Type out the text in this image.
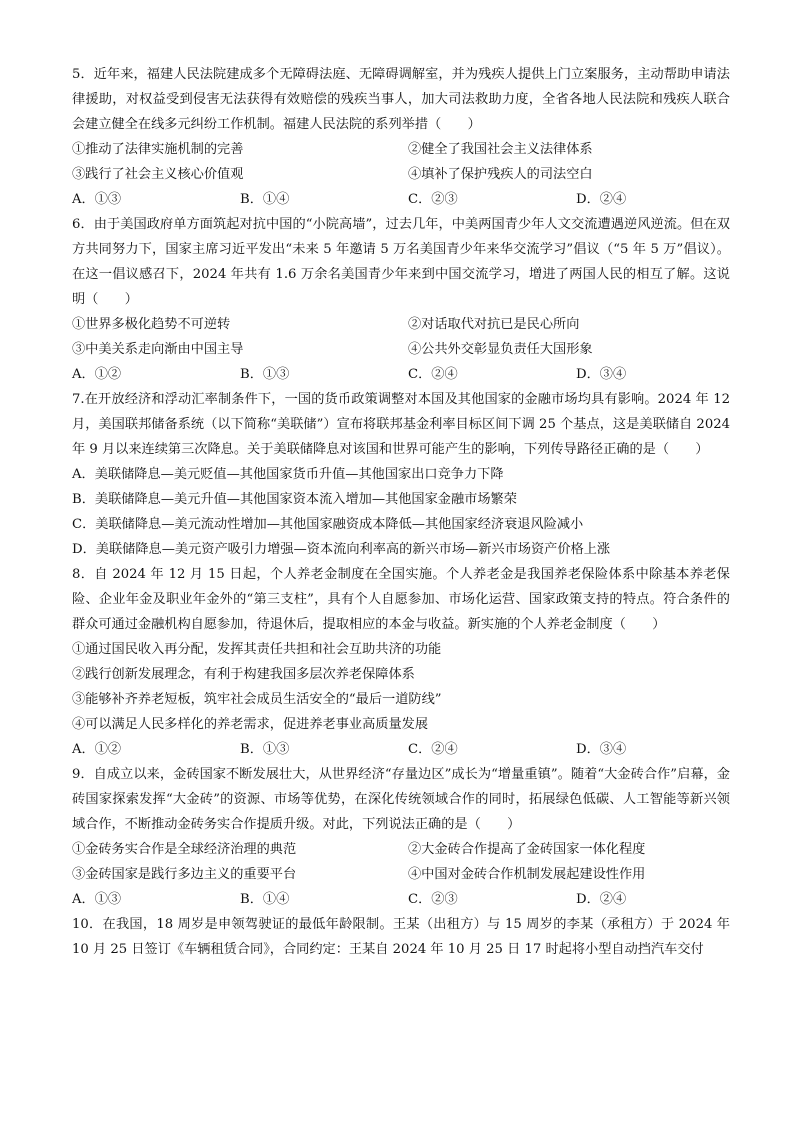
5．近年来，福建人民法院建成多个无障碍法庭、无障碍调解室，并为残疾人提供上门立案服务，主动帮助申请法律援助，对权益受到侵害无法获得有效赔偿的残疾当事人，加大司法救助力度，全省各地人民法院和残疾人联合会建立健全在线多元纠纷工作机制。福建人民法院的系列举措（　　）

①推动了法律实施机制的完善	②健全了我国社会主义法律体系
③践行了社会主义核心价值观	④填补了保护残疾人的司法空白
A．①③	B．①④	C．②③	D．②④

6．由于美国政府单方面筑起对抗中国的“小院高墙”，过去几年，中美两国青少年人文交流遭遇逆风逆流。但在双方共同努力下，国家主席习近平发出“未来 5 年邀请 5 万名美国青少年来华交流学习”倡议（“5 年 5 万”倡议）。在这一倡议感召下，2024 年共有 1.6 万余名美国青少年来到中国交流学习，增进了两国人民的相互了解。这说明（　　）

①世界多极化趋势不可逆转	②对话取代对抗已是民心所向
③中美关系走向渐由中国主导	④公共外交彰显负责任大国形象
A．①②	B．①③	C．②④	D．③④

7.在开放经济和浮动汇率制条件下，一国的货币政策调整对本国及其他国家的金融市场均具有影响。2024 年 12 月，美国联邦储备系统（以下简称“美联储”）宣布将联邦基金利率目标区间下调 25 个基点，这是美联储自 2024 年 9 月以来连续第三次降息。关于美联储降息对该国和世界可能产生的影响，下列传导路径正确的是（　　）

A．美联储降息—美元贬值—其他国家货币升值—其他国家出口竞争力下降
B．美联储降息—美元升值—其他国家资本流入增加—其他国家金融市场繁荣
C．美联储降息—美元流动性增加—其他国家融资成本降低—其他国家经济衰退风险减小
D．美联储降息—美元资产吸引力增强—资本流向利率高的新兴市场—新兴市场资产价格上涨

8．自 2024 年 12 月 15 日起，个人养老金制度在全国实施。个人养老金是我国养老保险体系中除基本养老保险、企业年金及职业年金外的“第三支柱”，具有个人自愿参加、市场化运营、国家政策支持的特点。符合条件的群众可通过金融机构自愿参加，待退休后，提取相应的本金与收益。新实施的个人养老金制度（　　）

①通过国民收入再分配，发挥其责任共担和社会互助共济的功能
②践行创新发展理念，有利于构建我国多层次养老保障体系
③能够补齐养老短板，筑牢社会成员生活安全的“最后一道防线”
④可以满足人民多样化的养老需求，促进养老事业高质量发展
A．①②	B．①③	C．②④	D．③④

9．自成立以来，金砖国家不断发展壮大，从世界经济“存量边区”成长为“增量重镇”。随着“大金砖合作”启幕，金砖国家探索发挥“大金砖”的资源、市场等优势，在深化传统领域合作的同时，拓展绿色低碳、人工智能等新兴领域合作，不断推动金砖务实合作提质升级。对此，下列说法正确的是（　　）

①金砖务实合作是全球经济治理的典范	②大金砖合作提高了金砖国家一体化程度
③金砖国家是践行多边主义的重要平台	④中国对金砖合作机制发展起建设性作用
A．①③	B．①④	C．②③	D．②④

10．在我国，18 周岁是申领驾驶证的最低年龄限制。王某（出租方）与 15 周岁的李某（承租方）于 2024 年 10 月 25 日签订《车辆租赁合同》，合同约定：王某自 2024 年 10 月 25 日 17 时起将小型自动挡汽车交付
